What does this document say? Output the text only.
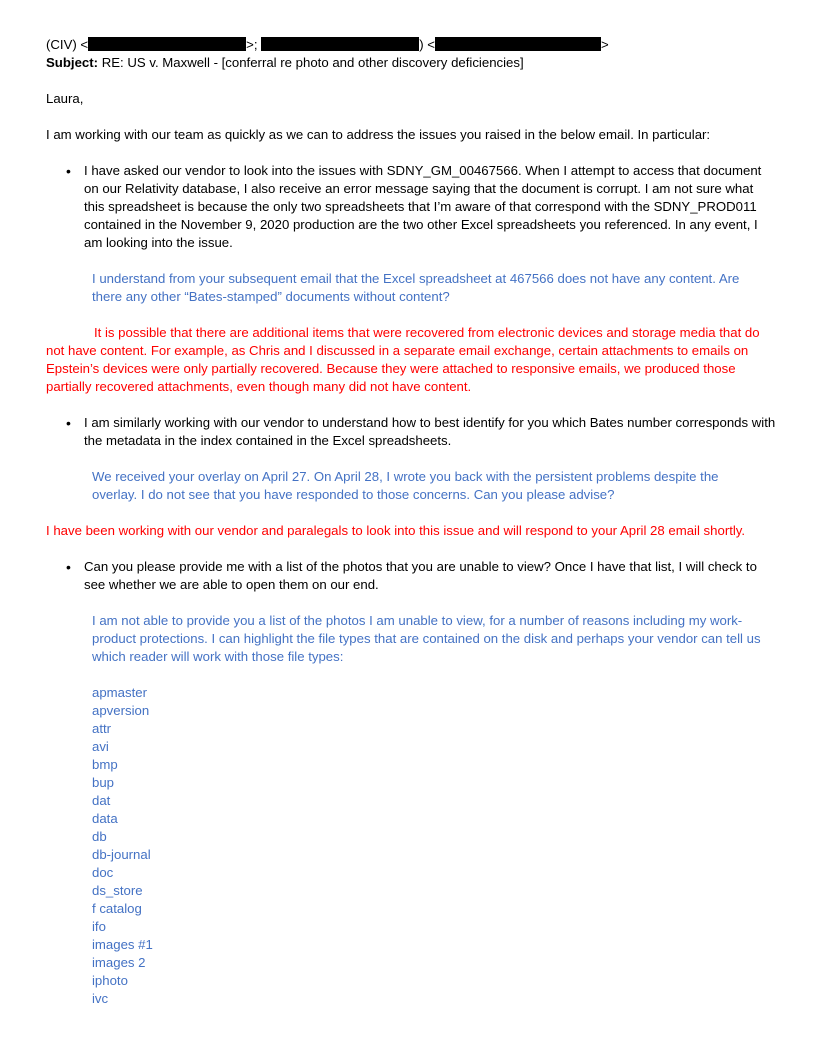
(CIV) <	>;	) <	>
Subject: RE: US v. Maxwell - [conferral re photo and other discovery deficiencies]
Laura,
I am working with our team as quickly as we can to address the issues you raised in the below email. In particular:
• I have asked our vendor to look into the issues with SDNY_GM_00467566. When I attempt to access that document on our Relativity database, I also receive an error message saying that the document is corrupt. I am not sure what this spreadsheet is because the only two spreadsheets that I’m aware of that correspond with the SDNY_PROD011 contained in the November 9, 2020 production are the two other Excel spreadsheets you referenced. In any event, I am looking into the issue.
I understand from your subsequent email that the Excel spreadsheet at 467566 does not have any content. Are there any other “Bates-stamped” documents without content?
It is possible that there are additional items that were recovered from electronic devices and storage media that do not have content. For example, as Chris and I discussed in a separate email exchange, certain attachments to emails on Epstein’s devices were only partially recovered. Because they were attached to responsive emails, we produced those partially recovered attachments, even though many did not have content.
• I am similarly working with our vendor to understand how to best identify for you which Bates number corresponds with the metadata in the index contained in the Excel spreadsheets.
We received your overlay on April 27. On April 28, I wrote you back with the persistent problems despite the overlay. I do not see that you have responded to those concerns. Can you please advise?
I have been working with our vendor and paralegals to look into this issue and will respond to your April 28 email shortly.
• Can you please provide me with a list of the photos that you are unable to view? Once I have that list, I will check to see whether we are able to open them on our end.
I am not able to provide you a list of the photos I am unable to view, for a number of reasons including my work-product protections. I can highlight the file types that are contained on the disk and perhaps your vendor can tell us which reader will work with those file types:
apmaster
apversion
attr
avi
bmp
bup
dat
data
db
db-journal
doc
ds_store
f catalog
ifo
images #1
images 2
iphoto
ivc
